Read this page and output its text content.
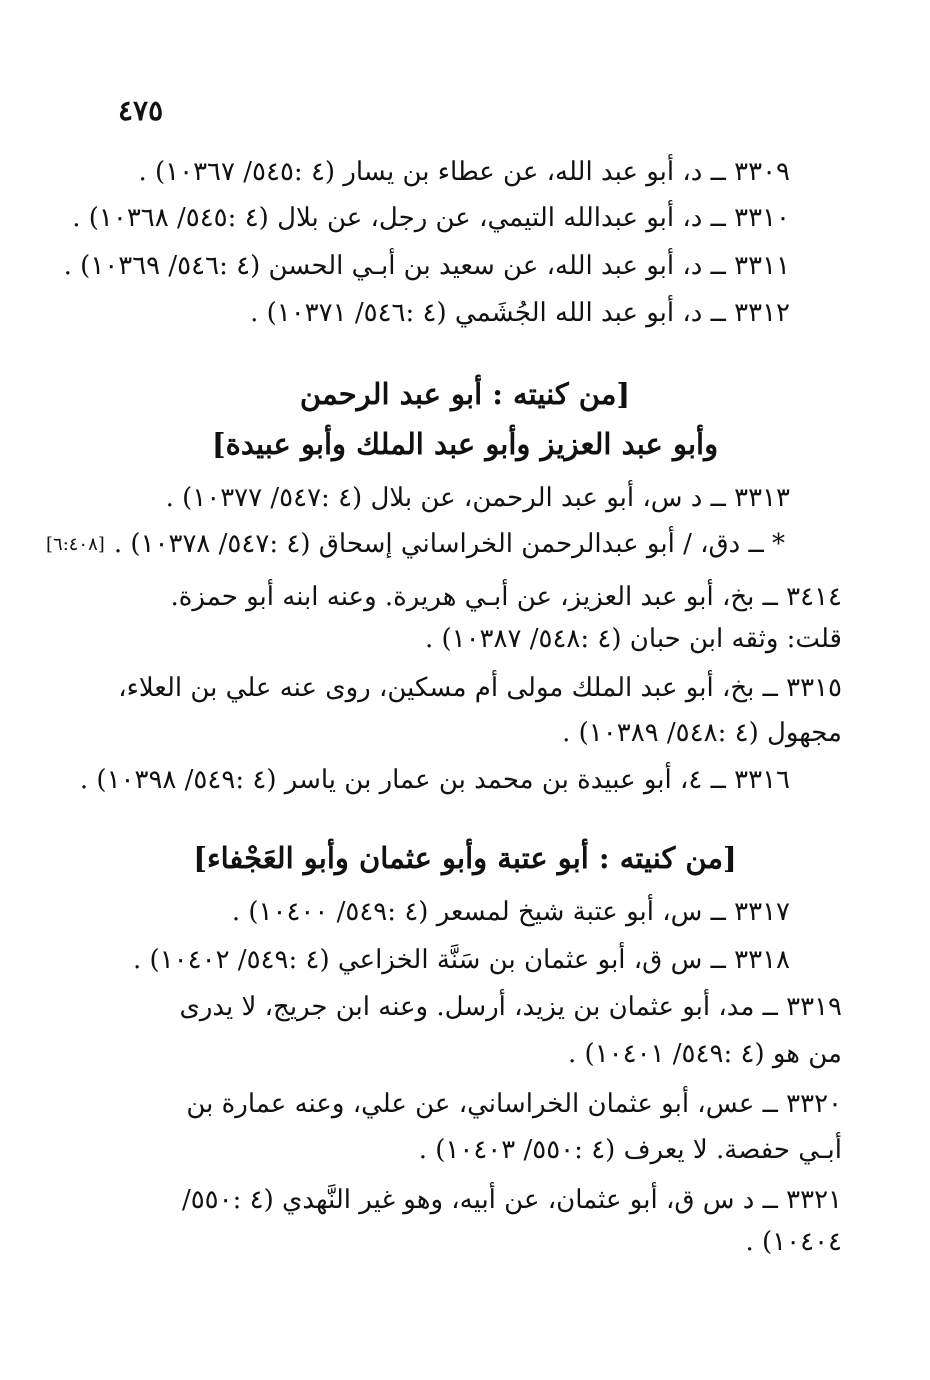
٤٧٥
٣٣٠٩ ــ د، أبو عبد الله، عن عطاء بن يسار (٤ :٥٤٥/ ١٠٣٦٧) .
٣٣١٠ ــ د، أبو عبدالله التيمي، عن رجل، عن بلال (٤ :٥٤٥/ ١٠٣٦٨) .
٣٣١١ ــ د، أبو عبد الله، عن سعيد بن أبـي الحسن (٤ :٥٤٦/ ١٠٣٦٩) .
٣٣١٢ ــ د، أبو عبد الله الجُشَمي (٤ :٥٤٦/ ١٠٣٧١) .
[من كنيته : أبو عبد الرحمن
وأبو عبد العزيز وأبو عبد الملك وأبو عبيدة]
٣٣١٣ ــ د س، أبو عبد الرحمن، عن بلال (٤ :٥٤٧/ ١٠٣٧٧) .
* ــ دق، / أبو عبدالرحمن الخراساني إسحاق (٤ :٥٤٧/ ١٠٣٧٨) .
[٦:٤٠٨]
٣٤١٤ ــ بخ، أبو عبد العزيز، عن أبـي هريرة. وعنه ابنه أبو حمزة.
قلت: وثقه ابن حبان (٤ :٥٤٨/ ١٠٣٨٧) .
٣٣١٥ ــ بخ، أبو عبد الملك مولى أم مسكين، روى عنه علي بن العلاء،
مجهول (٤ :٥٤٨/ ١٠٣٨٩) .
٣٣١٦ ــ ٤، أبو عبيدة بن محمد بن عمار بن ياسر (٤ :٥٤٩/ ١٠٣٩٨) .
[من كنيته : أبو عتبة وأبو عثمان وأبو العَجْفاء]
٣٣١٧ ــ س، أبو عتبة شيخ لمسعر (٤ :٥٤٩/ ١٠٤٠٠) .
٣٣١٨ ــ س ق، أبو عثمان بن سَنَّة الخزاعي (٤ :٥٤٩/ ١٠٤٠٢) .
٣٣١٩ ــ مد، أبو عثمان بن يزيد، أرسل. وعنه ابن جريج، لا يدرى
من هو (٤ :٥٤٩/ ١٠٤٠١) .
٣٣٢٠ ــ عس، أبو عثمان الخراساني، عن علي، وعنه عمارة بن
أبـي حفصة. لا يعرف (٤ :٥٥٠/ ١٠٤٠٣) .
٣٣٢١ ــ د س ق، أبو عثمان، عن أبيه، وهو غير النَّهدي (٤ :٥٥٠/
١٠٤٠٤) .
